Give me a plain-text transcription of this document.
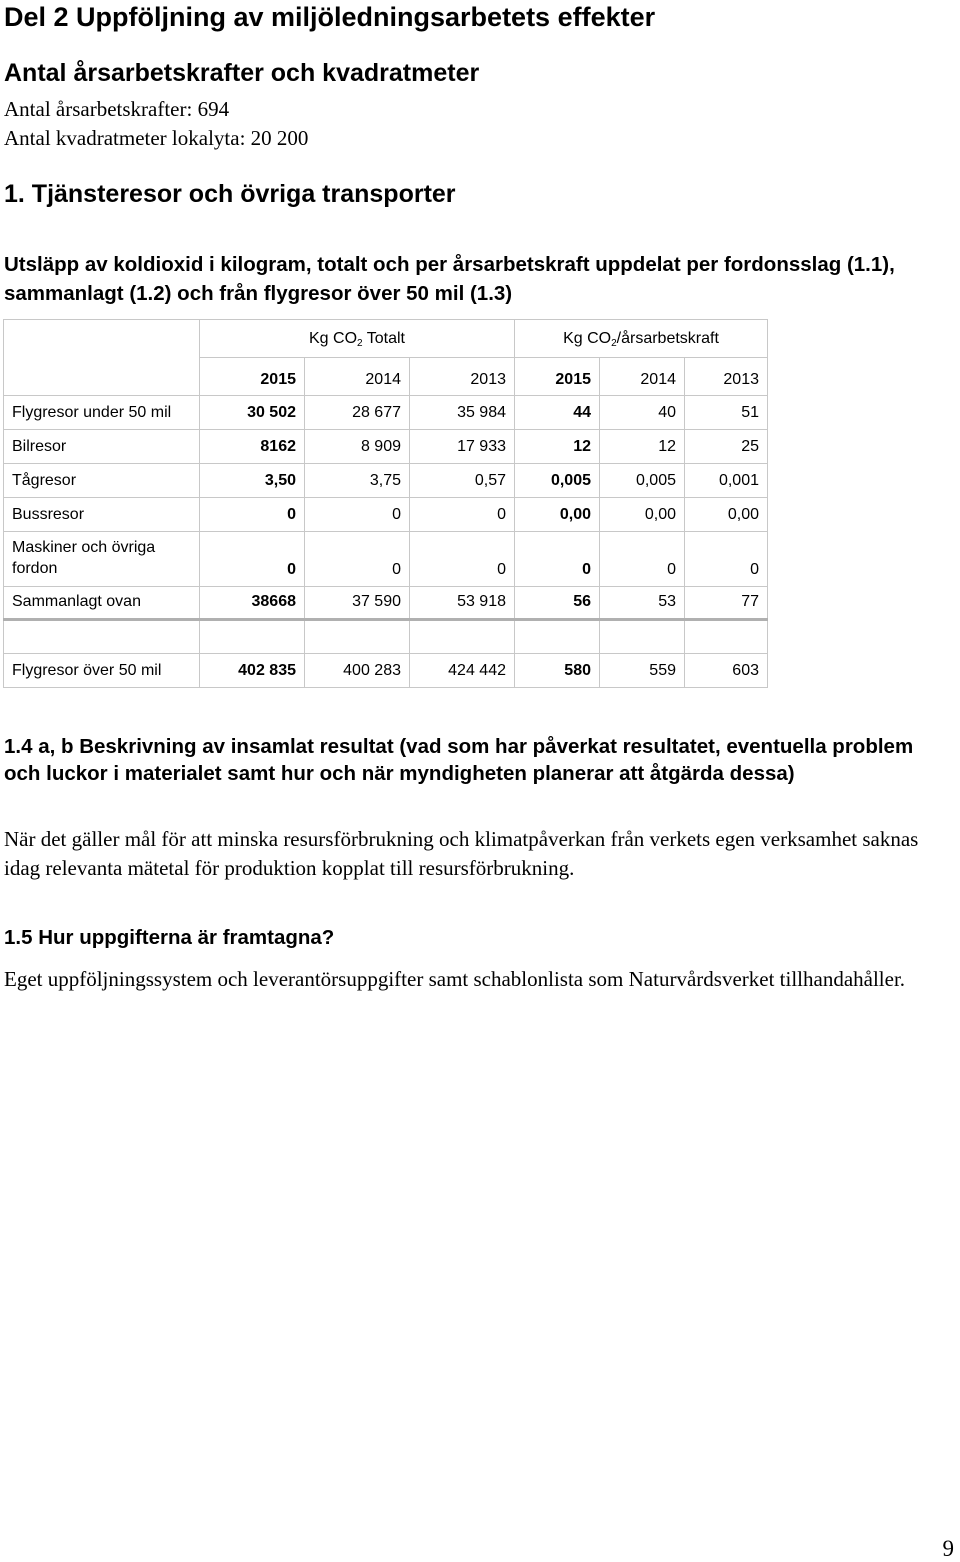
Del 2 Uppföljning av miljöledningsarbetets effekter
Antal årsarbetskrafter och kvadratmeter
Antal årsarbetskrafter: 694
Antal kvadratmeter lokalyta: 20 200
1. Tjänsteresor och övriga transporter
Utsläpp av koldioxid i kilogram, totalt och per årsarbetskraft uppdelat per fordonsslag (1.1), sammanlagt (1.2) och från flygresor över 50 mil (1.3)
	Kg $CO_2$ Totalt			Kg $CO_2$/årsarbetskraft		
	2015	2014	2013	2015	2014	2013
Flygresor under 50 mil	30 502	28 677	35 984	44	40	51
Bilresor	8162	8 909	17 933	12	12	25
Tågresor	3,50	3,75	0,57	0,005	0,005	0,001
Bussresor	0	0	0	0,00	0,00	0,00
Maskiner och övriga fordon	0	0	0	0	0	0
Sammanlagt ovan	38668	37 590	53 918	56	53	77

Flygresor över 50 mil	402 835	400 283	424 442	580	559	603
1.4 a, b Beskrivning av insamlat resultat (vad som har påverkat resultatet, eventuella problem och luckor i materialet samt hur och när myndigheten planerar att åtgärda dessa)
När det gäller mål för att minska resursförbrukning och klimatpåverkan från verkets egen verksamhet saknas idag relevanta mätetal för produktion kopplat till resursförbrukning.
1.5 Hur uppgifterna är framtagna?
Eget uppföljningssystem och leverantörsuppgifter samt schablonlista som Naturvårdsverket tillhandahåller.
9
